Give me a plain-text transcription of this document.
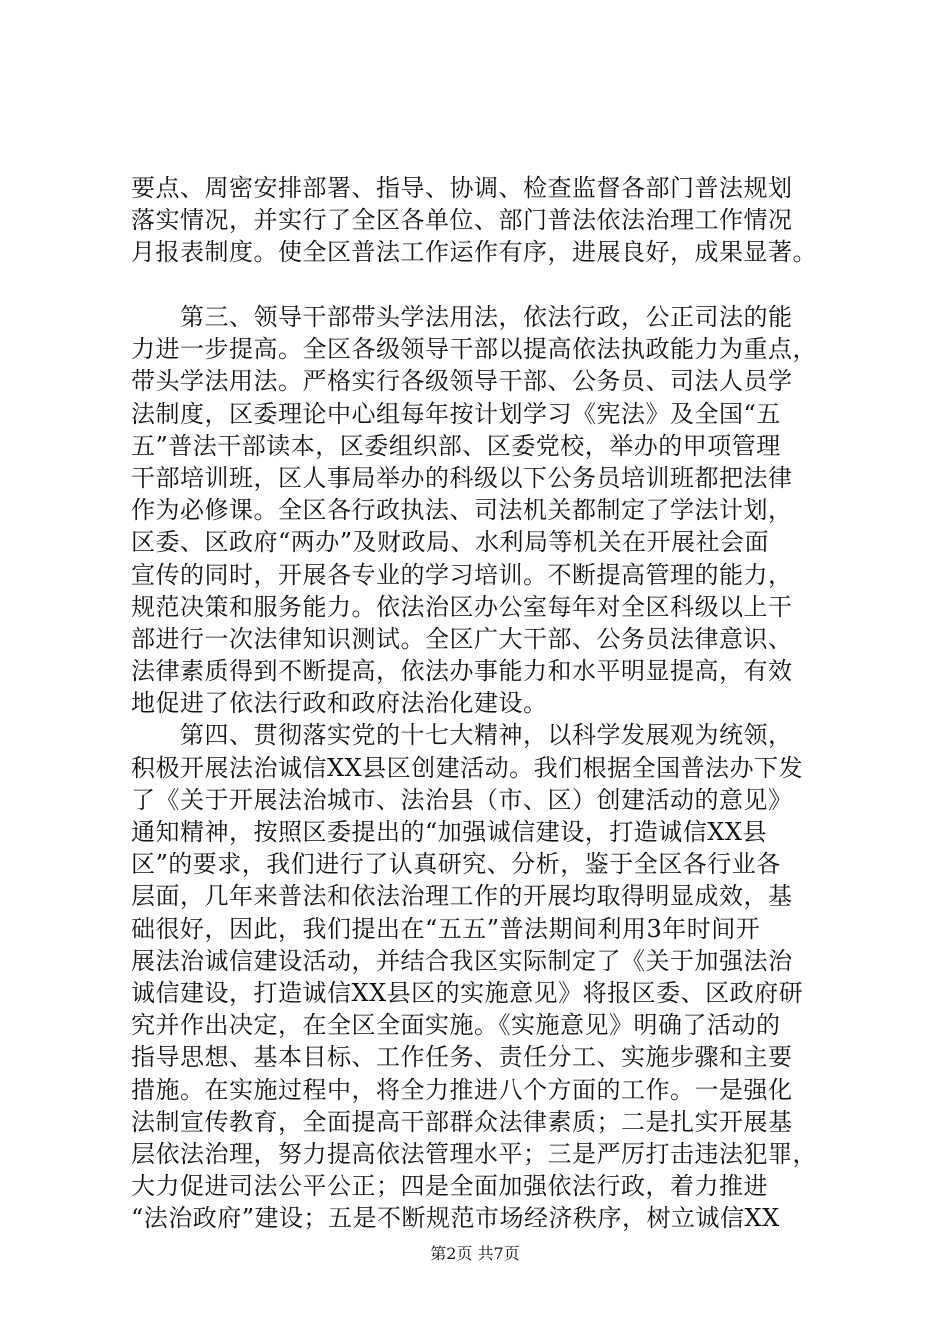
要点、周密安排部署、指导、协调、检查监督各部门普法规划
落实情况，并实行了全区各单位、部门普法依法治理工作情况
月报表制度。使全区普法工作运作有序，进展良好，成果显著。
　　第三、领导干部带头学法用法，依法行政，公正司法的能
力进一步提高。全区各级领导干部以提高依法执政能力为重点，
带头学法用法。严格实行各级领导干部、公务员、司法人员学
法制度，区委理论中心组每年按计划学习《宪法》及全国“五
五”普法干部读本，区委组织部、区委党校，举办的甲项管理
干部培训班，区人事局举办的科级以下公务员培训班都把法律
作为必修课。全区各行政执法、司法机关都制定了学法计划，
区委、区政府“两办”及财政局、水利局等机关在开展社会面
宣传的同时，开展各专业的学习培训。不断提高管理的能力，
规范决策和服务能力。依法治区办公室每年对全区科级以上干
部进行一次法律知识测试。全区广大干部、公务员法律意识、
法律素质得到不断提高，依法办事能力和水平明显提高，有效
地促进了依法行政和政府法治化建设。
　　第四、贯彻落实党的十七大精神，以科学发展观为统领，
积极开展法治诚信XX县区创建活动。我们根据全国普法办下发
了《关于开展法治城市、法治县（市、区）创建活动的意见》
通知精神，按照区委提出的“加强诚信建设，打造诚信XX县
区”的要求，我们进行了认真研究、分析，鉴于全区各行业各
层面，几年来普法和依法治理工作的开展均取得明显成效，基
础很好，因此，我们提出在“五五”普法期间利用3年时间开
展法治诚信建设活动，并结合我区实际制定了《关于加强法治
诚信建设，打造诚信XX县区的实施意见》将报区委、区政府研
究并作出决定，在全区全面实施。《实施意见》明确了活动的
指导思想、基本目标、工作任务、责任分工、实施步骤和主要
措施。在实施过程中，将全力推进八个方面的工作。一是强化
法制宣传教育，全面提高干部群众法律素质；二是扎实开展基
层依法治理，努力提高依法管理水平；三是严厉打击违法犯罪，
大力促进司法公平公正；四是全面加强依法行政，着力推进
“法治政府”建设；五是不断规范市场经济秩序，树立诚信XX
第2页 共7页
